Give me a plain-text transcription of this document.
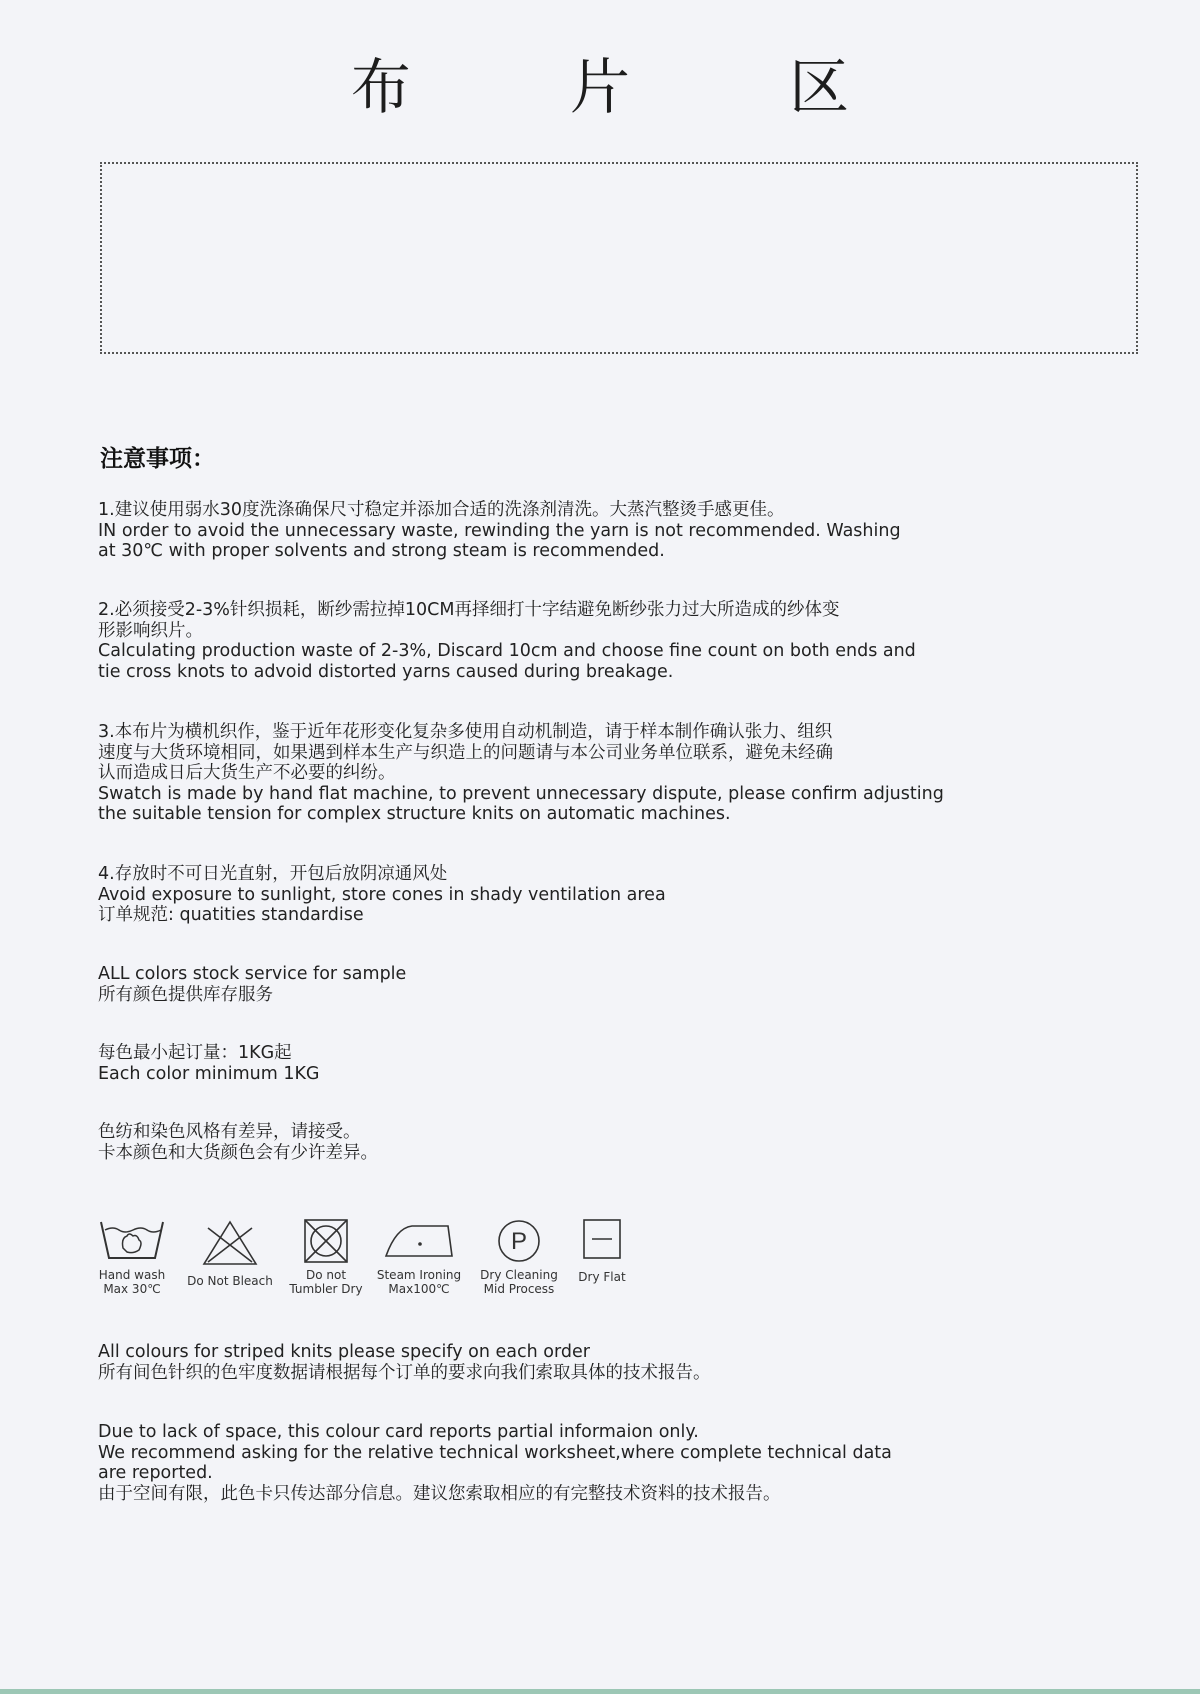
布 片 区
注意事项：
1.建议使用弱水30度洗涤确保尺寸稳定并添加合适的洗涤剂清洗。大蒸汽整烫手感更佳。
IN order to avoid the unnecessary waste, rewinding the yarn is not recommended. Washing
at 30℃ with proper solvents and strong steam is recommended.
2.必须接受2-3%针织损耗，断纱需拉掉10CM再择细打十字结避免断纱张力过大所造成的纱体变
形影响织片。
Calculating production waste of 2-3%, Discard 10cm and choose fine count on both ends and
tie cross knots to advoid distorted yarns caused during breakage.
3.本布片为横机织作，鉴于近年花形变化复杂多使用自动机制造，请于样本制作确认张力、组织
速度与大货环境相同，如果遇到样本生产与织造上的问题请与本公司业务单位联系，避免未经确
认而造成日后大货生产不必要的纠纷。
Swatch is made by hand flat machine, to prevent unnecessary dispute, please confirm adjusting
the suitable tension for complex structure knits on automatic machines.
4.存放时不可日光直射，开包后放阴凉通风处
Avoid exposure to sunlight, store cones in shady ventilation area
订单规范: quatities standardise
ALL colors stock service for sample
所有颜色提供库存服务
每色最小起订量：1KG起
Each color minimum 1KG
色纺和染色风格有差异，请接受。
卡本颜色和大货颜色会有少许差异。
Hand wash
Max 30℃
Do Not Bleach	Do not
Tumbler Dry
Steam Ironing
Max100℃
P
Dry Cleaning
Mid Process
Dry Flat
All colours for striped knits please specify on each order
所有间色针织的色牢度数据请根据每个订单的要求向我们索取具体的技术报告。
Due to lack of space, this colour card reports partial informaion only.
We recommend asking for the relative technical worksheet,where complete technical data
are reported.
由于空间有限，此色卡只传达部分信息。建议您索取相应的有完整技术资料的技术报告。
